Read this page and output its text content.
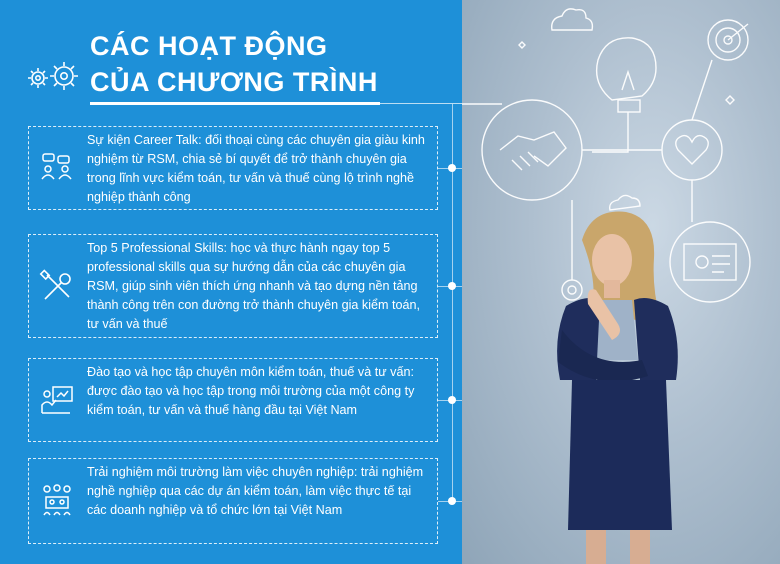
CÁC HOẠT ĐỘNG
CỦA CHƯƠNG TRÌNH
Sự kiện Career Talk: đối thoại cùng các chuyên gia giàu kinh nghiệm từ RSM, chia sẻ bí quyết để trở thành chuyên gia trong lĩnh vực kiểm toán, tư vấn và thuế cùng lộ trình nghề nghiệp thành công
Top 5 Professional Skills: học và thực hành ngay top 5 professional skills qua sự hướng dẫn của các chuyên gia RSM, giúp sinh viên thích ứng nhanh và tạo dựng nền tảng thành công trên con đường trở thành chuyên gia kiểm toán, tư vấn và thuế
Đào tạo và học tập chuyên môn kiểm toán, thuế và tư vấn: được đào tạo và học tập trong môi trường của một công ty kiểm toán, tư vấn và thuế hàng đầu tại Việt Nam
Trải nghiệm môi trường làm việc chuyên nghiệp: trải nghiệm nghề nghiệp qua các dự án kiểm toán, làm việc thực tế tại các doanh nghiệp và tổ chức lớn tại Việt Nam
